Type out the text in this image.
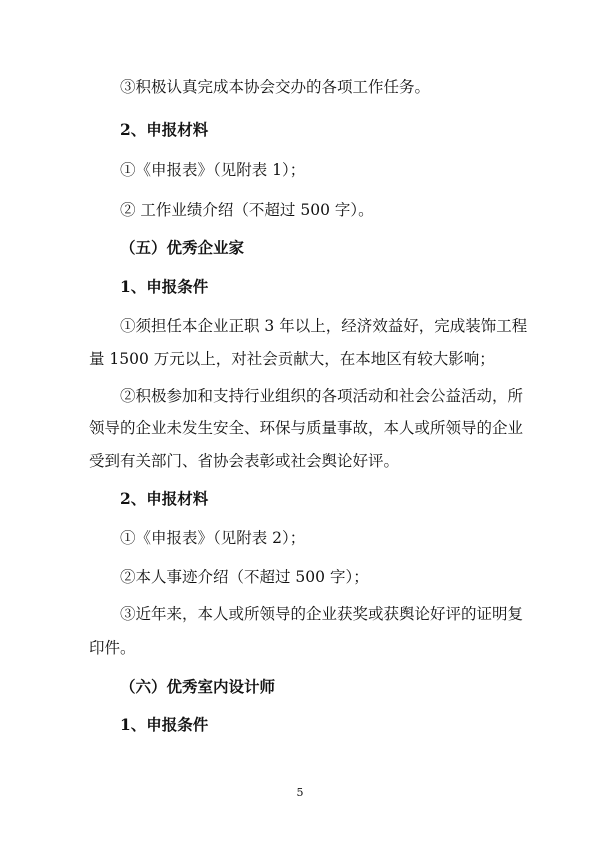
③积极认真完成本协会交办的各项工作任务。

2、申报材料

①《申报表》（见附表 1）；

② 工作业绩介绍（不超过 500 字）。

（五）优秀企业家

1、申报条件

①须担任本企业正职 3 年以上，经济效益好，完成装饰工程

量 1500 万元以上，对社会贡献大，在本地区有较大影响；

②积极参加和支持行业组织的各项活动和社会公益活动，所

领导的企业未发生安全、环保与质量事故，本人或所领导的企业

受到有关部门、省协会表彰或社会舆论好评。

2、申报材料

①《申报表》（见附表 2）；

②本人事迹介绍（不超过 500 字）；

③近年来，本人或所领导的企业获奖或获舆论好评的证明复

印件。

（六）优秀室内设计师

1、申报条件

5
